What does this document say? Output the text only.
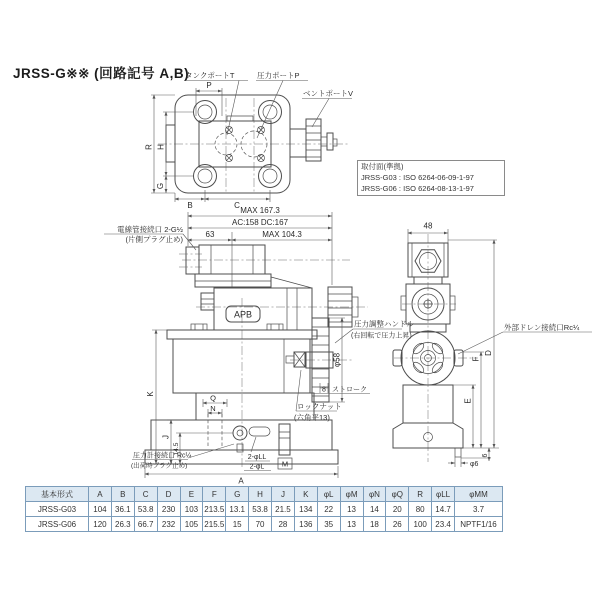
JRSS-G※※ (回路記号 A,B)
取付面(準拠)
JRSS-G03 : ISO 6264-06-09-1-97
JRSS-G06 : ISO 6264-08-13-1-97
P
R H
G
B	C
タンクポートT	圧力ポートP
ベントポートV
MAX 167.3
AC:158 DC:167
63	MAX 104.3
電線管接続口 2-G½
(片側プラグ止め)
APB
φ58
8 ストローク
圧力調整ハンドル
(右回転で圧力上昇)
ロックナット
(六角平13)
M
Q
N
K
J
14.5
A
圧力計接続口 Rc¼
(出荷時プラグ止め)
2-φLL
2-φL
48
外部ドレン接続口Rc¼
F
E
D
φ6
6
基本形式	A	B	C	D	E	F	G	H	J	K	φL	φM	φN	φQ	R	φLL	φMM
JRSS-G03	104	36.1	53.8	230	103	213.5	13.1	53.8	21.5	134	22	13	14	20	80	14.7	3.7
JRSS-G06	120	26.3	66.7	232	105	215.5	15	70	28	136	35	13	18	26	100	23.4	NPTF1/16
